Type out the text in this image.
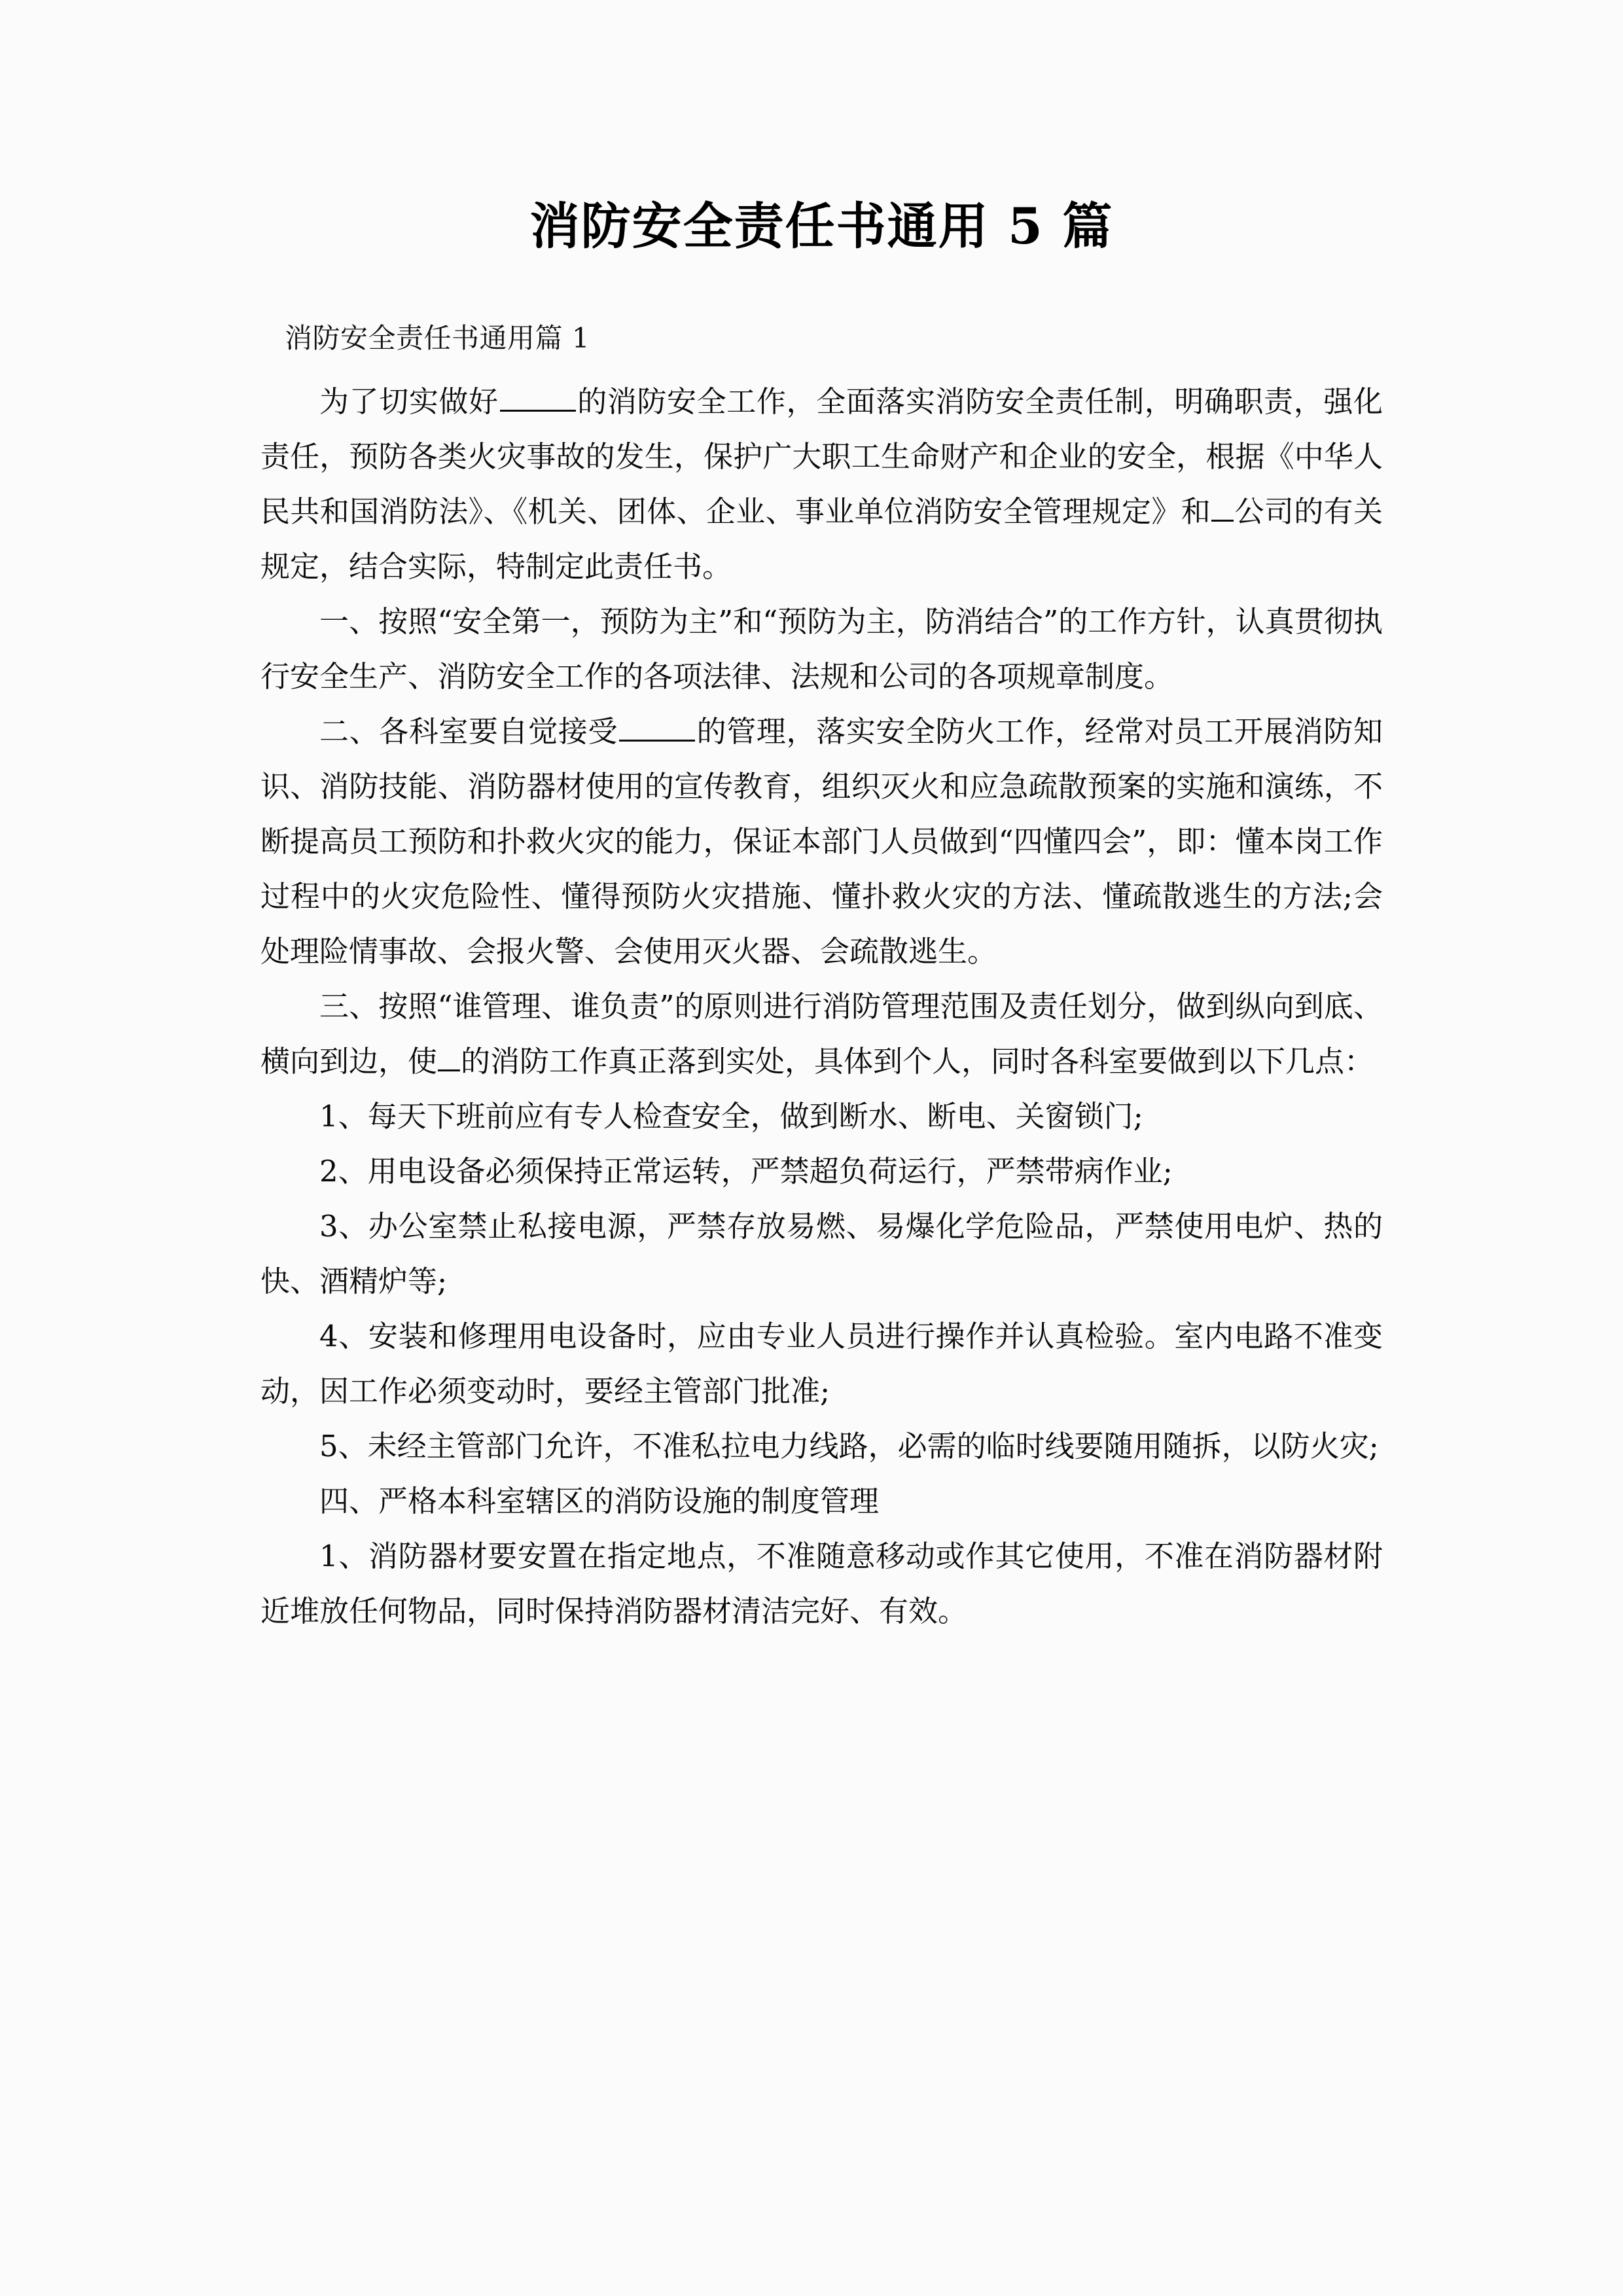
消防安全责任书通用 5 篇
消防安全责任书通用篇 1

为了切实做好	的消防安全工作，全面落实消防安全责任制，明确职责，强化责任，预防各类火灾事故的发生，保护广大职工生命财产和企业的安全，根据《中华人民共和国消防法》、《机关、团体、企业、事业单位消防安全管理规定》和 公司的有关规定，结合实际，特制定此责任书。

一、按照“安全第一，预防为主”和“预防为主，防消结合”的工作方针，认真贯彻执行安全生产、消防安全工作的各项法律、法规和公司的各项规章制度。

二、各科室要自觉接受	的管理，落实安全防火工作，经常对员工开展消防知识、消防技能、消防器材使用的宣传教育，组织灭火和应急疏散预案的实施和演练，不断提高员工预防和扑救火灾的能力，保证本部门人员做到“四懂四会”，即：懂本岗工作过程中的火灾危险性、懂得预防火灾措施、懂扑救火灾的方法、懂疏散逃生的方法;会处理险情事故、会报火警、会使用灭火器、会疏散逃生。

三、按照“谁管理、谁负责”的原则进行消防管理范围及责任划分，做到纵向到底、横向到边，使 的消防工作真正落到实处，具体到个人，同时各科室要做到以下几点：

1、每天下班前应有专人检查安全，做到断水、断电、关窗锁门;

2、用电设备必须保持正常运转，严禁超负荷运行，严禁带病作业;

3、办公室禁止私接电源，严禁存放易燃、易爆化学危险品，严禁使用电炉、热的快、酒精炉等;

4、安装和修理用电设备时，应由专业人员进行操作并认真检验。室内电路不准变动，因工作必须变动时，要经主管部门批准;

5、未经主管部门允许，不准私拉电力线路，必需的临时线要随用随拆，以防火灾;

四、严格本科室辖区的消防设施的制度管理

1、消防器材要安置在指定地点，不准随意移动或作其它使用，不准在消防器材附近堆放任何物品，同时保持消防器材清洁完好、有效。
